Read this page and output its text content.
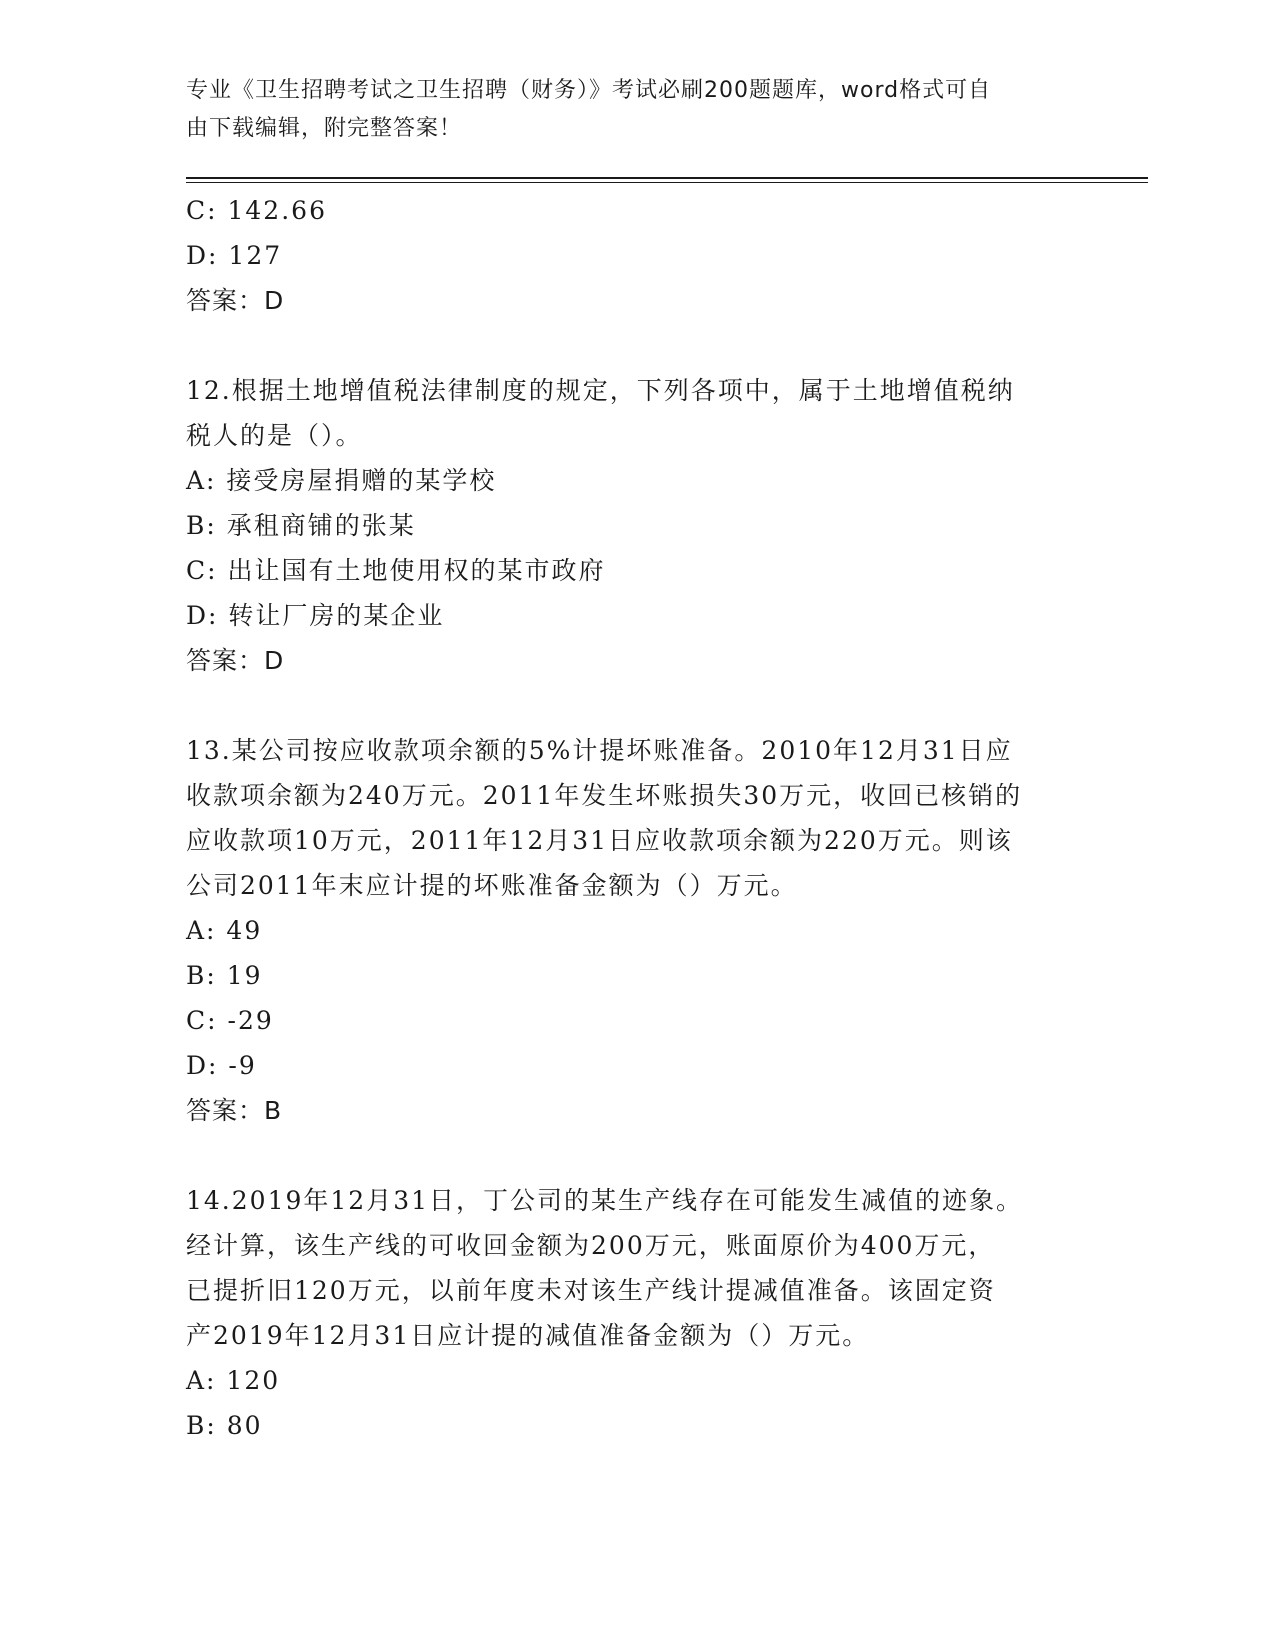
专业《卫生招聘考试之卫生招聘（财务）》考试必刷200题题库，word格式可自
由下载编辑，附完整答案！
C: 142.66
D: 127
答案：D
12.根据土地增值税法律制度的规定，下列各项中，属于土地增值税纳
税人的是（）。
A: 接受房屋捐赠的某学校
B: 承租商铺的张某
C: 出让国有土地使用权的某市政府
D: 转让厂房的某企业
答案：D
13.某公司按应收款项余额的5%计提坏账准备。2010年12月31日应
收款项余额为240万元。2011年发生坏账损失30万元，收回已核销的
应收款项10万元，2011年12月31日应收款项余额为220万元。则该
公司2011年末应计提的坏账准备金额为（）万元。
A: 49
B: 19
C: -29
D: -9
答案：B
14.2019年12月31日，丁公司的某生产线存在可能发生减值的迹象。
经计算，该生产线的可收回金额为200万元，账面原价为400万元，
已提折旧120万元，以前年度未对该生产线计提减值准备。该固定资
产2019年12月31日应计提的减值准备金额为（）万元。
A: 120
B: 80
